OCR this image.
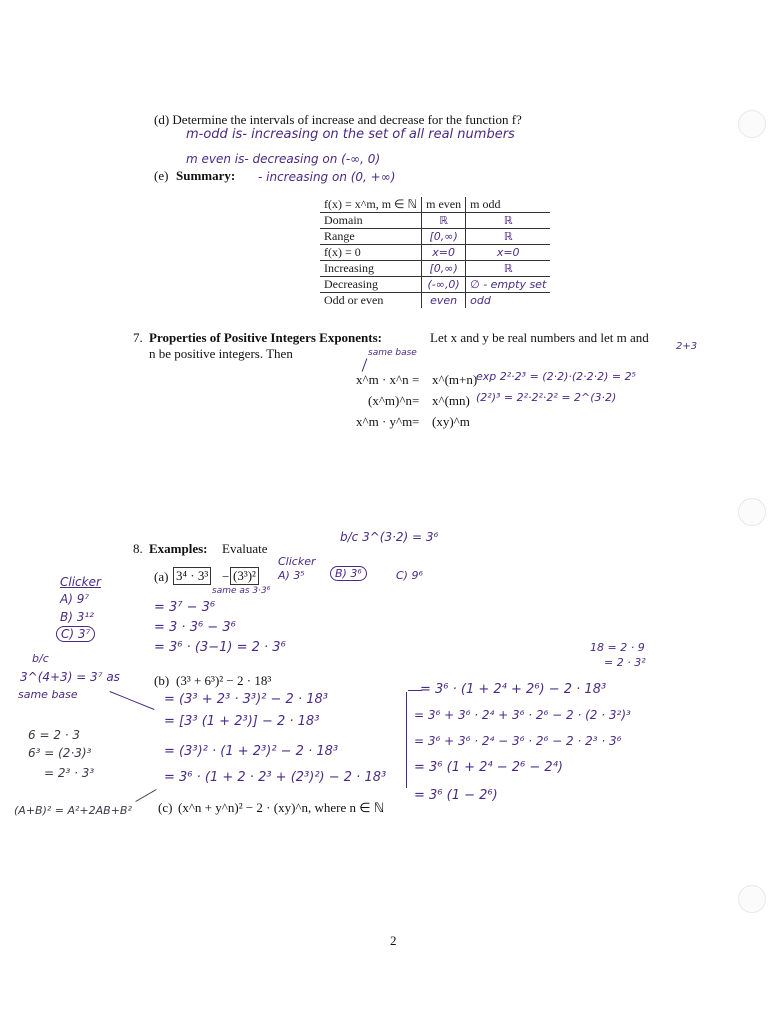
(d) Determine the intervals of increase and decrease for the function f?
m-odd is- increasing on the set of all real numbers
m even is- decreasing on (-∞, 0)
(e) Summary: - increasing on (0, +∞)
f(x) = x^m, m ∈ ℕ	m even	m odd
Domain	ℝ	ℝ
Range	[0,∞)	ℝ
f(x) = 0	x=0	x=0
Increasing	[0,∞)	ℝ
Decreasing	(-∞,0)	∅ - empty set
Odd or even	even	odd
7. Properties of Positive Integers Exponents:	Let x and y be real numbers and let m and
n be positive integers. Then	same base
2+3
x^m · x^n = x^(m+n)
exp 2²·2³ = (2·2)·(2·2·2) = 2⁵
(x^m)^n = x^(mn) (2²)³ = 2²·2²·2² = 2^(3·2)
x^m · y^m = (xy)^m
8. Examples: Evaluate
b/c 3^(3·2) = 3⁶
Clicker
(a) 3⁴ · 3³ − (3³)² A) 3⁵	B) 3⁶	C) 9⁶
same as 3·3⁶
= 3⁷ − 3⁶
= 3 · 3⁶ − 3⁶
= 3⁶ · (3−1) = 2 · 3⁶
Clicker
A) 9⁷
B) 3¹²
C) 3⁷
b/c
3^(4+3) = 3⁷ as
same base
6 = 2 · 3
6³ = (2·3)³
= 2³ · 3³
(A+B)² = A²+2AB+B²
(b) (3³ + 6³)² − 2 · 18³
= (3³ + 2³ · 3³)² − 2 · 18³
= [3³ (1 + 2³)] − 2 · 18³
= (3³)² · (1 + 2³)² − 2 · 18³
= 3⁶ · (1 + 2 · 2³ + (2³)²) − 2 · 18³
18 = 2 · 9
= 2 · 3²
= 3⁶ · (1 + 2⁴ + 2⁶) − 2 · 18³
= 3⁶ + 3⁶ · 2⁴ + 3⁶ · 2⁶ − 2 · (2 · 3²)³
= 3⁶ + 3⁶ · 2⁴ − 3⁶ · 2⁶ − 2 · 2³ · 3⁶
= 3⁶ (1 + 2⁴ − 2⁶ − 2⁴)
= 3⁶ (1 − 2⁶)
(c) (x^n + y^n)² − 2 · (xy)^n, where n ∈ ℕ
2
